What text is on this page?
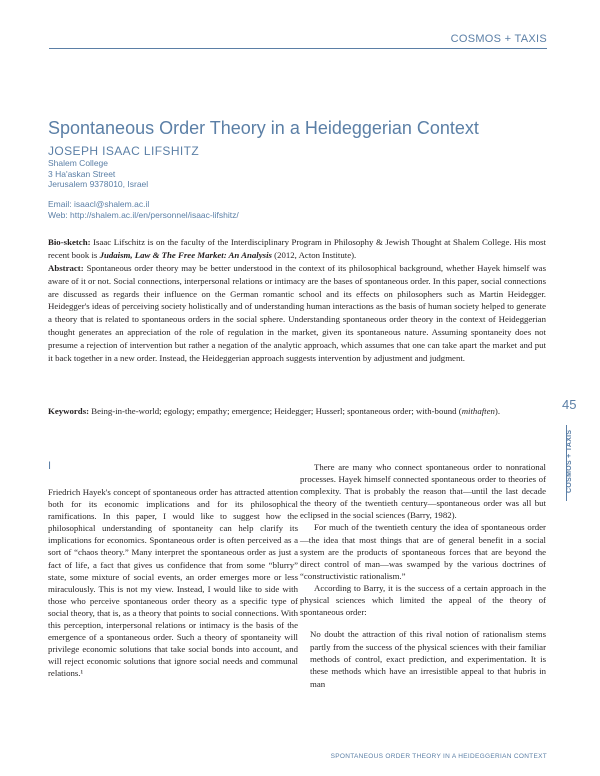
COSMOS + TAXIS
Spontaneous Order Theory in a Heideggerian Context
JOSEPH ISAAC LIFSHITZ
Shalem College
3 Ha'askan Street
Jerusalem 9378010, Israel
Email: isaacl@shalem.ac.il
Web: http://shalem.ac.il/en/personnel/isaac-lifshitz/

Bio-sketch: Isaac Lifschitz is on the faculty of the Interdisciplinary Program in Philosophy & Jewish Thought at Shalem College. His most recent book is Judaism, Law & The Free Market: An Analysis (2012, Acton Institute).

Abstract: Spontaneous order theory may be better understood in the context of its philosophical background, whether Hayek himself was aware of it or not. Social connections, interpersonal relations or intimacy are the bases of spontaneous order. In this paper, social connections are discussed as regards their influence on the German romantic school and its effects on philosophers such as Martin Heidegger. Heidegger's ideas of perceiving society holistically and of understanding human interactions as the basis of human society helped to generate a theory that is related to spontaneous orders in the social sphere. Understanding spontaneous order theory in the context of Heideggerian thought generates an appreciation of the role of regulation in the market, given its spontaneous nature. Assuming spontaneity does not presume a rejection of intervention but rather a negation of the analytic approach, which assumes that one can take apart the market and put it back together in a new order. Instead, the Heideggerian approach suggests intervention by adjustment and judgment.

Keywords: Being-in-the-world; egology; empathy; emergence; Heidegger; Husserl; spontaneous order; with-bound (mithaften).	45
COSMOS + TAXIS
I

Friedrich Hayek's concept of spontaneous order has attracted attention both for its economic implications and for its philosophical ramifications. In this paper, I would like to suggest how the philosophical understanding of spontaneity can help clarify its implications for economics. Spontaneous order is often perceived as a sort of “chaos theory.” Many interpret the spontaneous order as just a fact of life, a fact that gives us confidence that from some “blurry” state, some mixture of social events, an order emerges more or less miraculously. This is not my view. Instead, I would like to side with those who perceive spontaneous order theory as a specific type of social theory, that is, as a theory that points to social connections. With this perception, interpersonal relations or intimacy is the basis of the emergence of a spontaneous order. Such a theory of spontaneity will privilege economic solutions that take social bonds into account, and will reject economic solutions that ignore social needs and communal relations.¹

There are many who connect spontaneous order to nonrational processes. Hayek himself connected spontaneous order to theories of complexity. That is probably the reason that—until the last decade the theory of the twentieth century—spontaneous order was all but eclipsed in the social sciences (Barry, 1982).

For much of the twentieth century the idea of spontaneous order—the idea that most things that are of general benefit in a social system are the products of spontaneous forces that are beyond the direct control of man—was swamped by the various doctrines of “constructivistic rationalism.”

According to Barry, it is the success of a certain approach in the physical sciences which limited the appeal of the theory of spontaneous order:

No doubt the attraction of this rival notion of rationalism stems partly from the success of the physical sciences with their familiar methods of control, exact prediction, and experimentation. It is these methods which have an irresistible appeal to that hubris in man

SPONTANEOUS ORDER THEORY IN A HEIDEGGERIAN CONTEXT
